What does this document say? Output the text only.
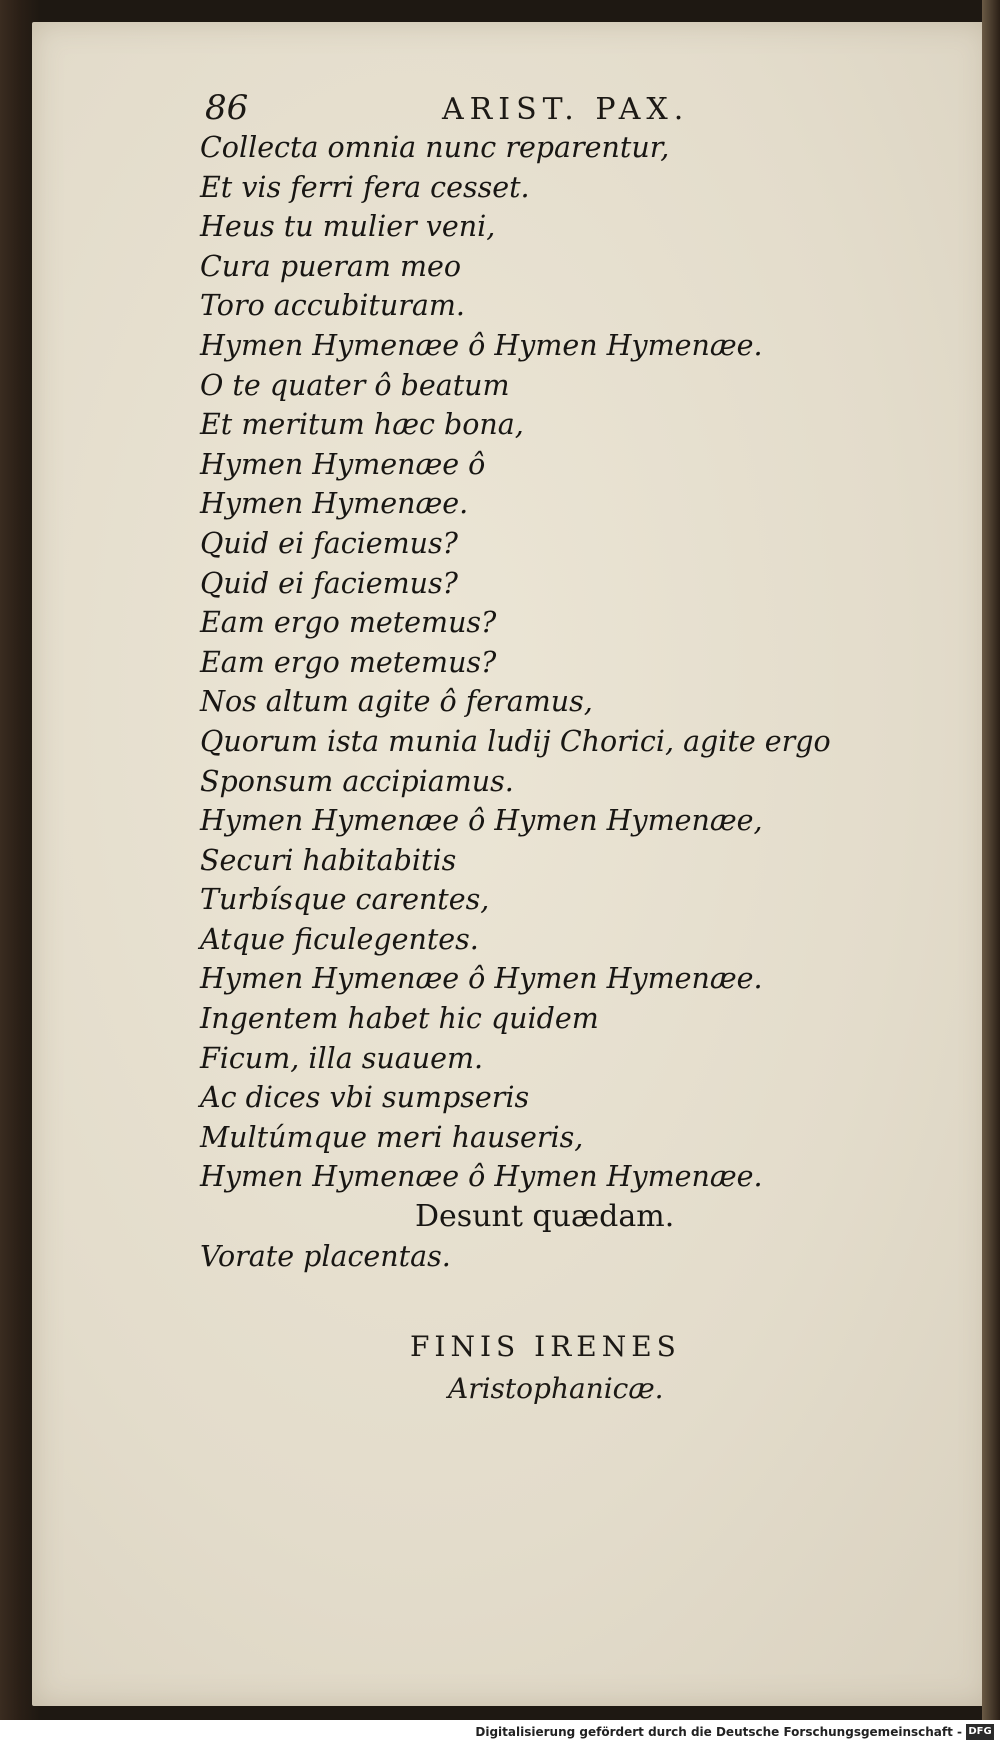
86	ARIST. PAX.
Collecta omnia nunc reparentur,
Et vis ferri fera cesset.
Heus tu mulier veni,
Cura pueram meo
Toro accubituram.
Hymen Hymenæe ô Hymen Hymenæe.
O te quater ô beatum
Et meritum hæc bona,
Hymen Hymenæe ô
Hymen Hymenæe.
Quid ei faciemus?
Quid ei faciemus?
Eam ergo metemus?
Eam ergo metemus?
Nos altum agite ô feramus,
Quorum ista munia ludij Chorici, agite ergo
Sponsum accipiamus.
Hymen Hymenæe ô Hymen Hymenæe,
Securi habitabitis
Turbísque carentes,
Atque ficulegentes.
Hymen Hymenæe ô Hymen Hymenæe.
Ingentem habet hic quidem
Ficum, illa suauem.
Ac dices vbi sumpseris
Multúmque meri hauseris,
Hymen Hymenæe ô Hymen Hymenæe.
Desunt quædam.
Vorate placentas.
FINIS IRENES
Aristophanicæ.
Digitalisierung gefördert durch die Deutsche Forschungsgemeinschaft - DFG
